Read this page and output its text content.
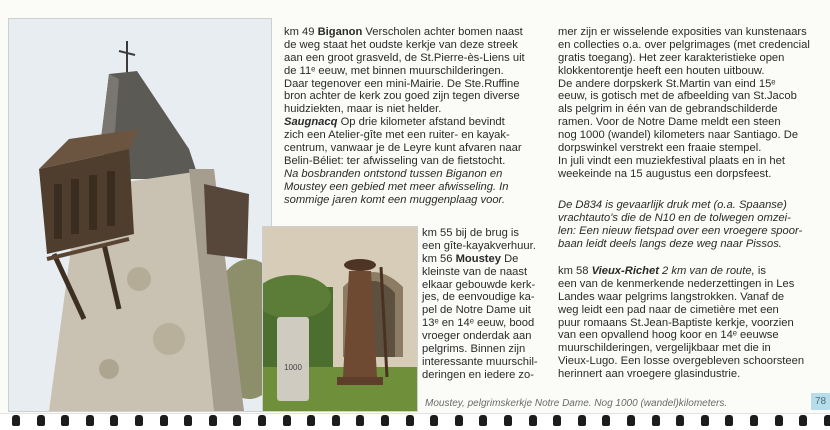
1000
km 49 Biganon Verscholen achter bomen naast
de weg staat het oudste kerkje van deze streek
aan een groot grasveld, de St.Pierre-ès-Liens uit
de 11ᵉ eeuw, met binnen muurschilderingen.
Daar tegenover een mini-Mairie. De Ste.Ruffine
bron achter de kerk zou goed zijn tegen diverse
huidziekten, maar is niet helder.
Saugnacq Op drie kilometer afstand bevindt
zich een Atelier-gîte met een ruiter- en kayak-
centrum, vanwaar je de Leyre kunt afvaren naar
Belin-Béliet: ter afwisseling van de fietstocht.
Na bosbranden ontstond tussen Biganon en
Moustey een gebied met meer afwisseling. In
sommige jaren komt een muggenplaag voor.
km 55 bij de brug is
een gîte-kayakverhuur.
km 56 Moustey De
kleinste van de naast
elkaar gebouwde kerk-
jes, de eenvoudige ka-
pel de Notre Dame uit
13ᵉ en 14ᵉ eeuw, bood
vroeger onderdak aan
pelgrims. Binnen zijn
interessante muurschil-
deringen en iedere zo-
mer zijn er wisselende exposities van kunstenaars
en collecties o.a. over pelgrimages (met credencial
gratis toegang). Het zeer karakteristieke open
klokkentorentje heeft een houten uitbouw.
De andere dorpskerk St.Martin van eind 15ᵉ
eeuw, is gotisch met de afbeelding van St.Jacob
als pelgrim in één van de gebrandschilderde
ramen. Voor de Notre Dame meldt een steen
nog 1000 (wandel) kilometers naar Santiago. De
dorpswinkel verstrekt een fraaie stempel.
In juli vindt een muziekfestival plaats en in het
weekeinde na 15 augustus een dorpsfeest.
De D834 is gevaarlijk druk met (o.a. Spaanse)
vrachtauto's die de N10 en de tolwegen omzei-
len: Een nieuw fietspad over een vroegere spoor-
baan leidt deels langs deze weg naar Pissos.
km 58 Vieux-Richet 2 km van de route, is
een van de kenmerkende nederzettingen in Les
Landes waar pelgrims langstrokken. Vanaf de
weg leidt een pad naar de cimetière met een
puur romaans St.Jean-Baptiste kerkje, voorzien
van een opvallend hoog koor en 14ᵉ eeuwse
muurschilderingen, vergelijkbaar met die in
Vieux-Lugo. Een losse overgebleven schoorsteen
herinnert aan vroegere glasindustrie.
Moustey, pelgrimskerkje Notre Dame. Nog 1000 (wandel)kilometers.	78
